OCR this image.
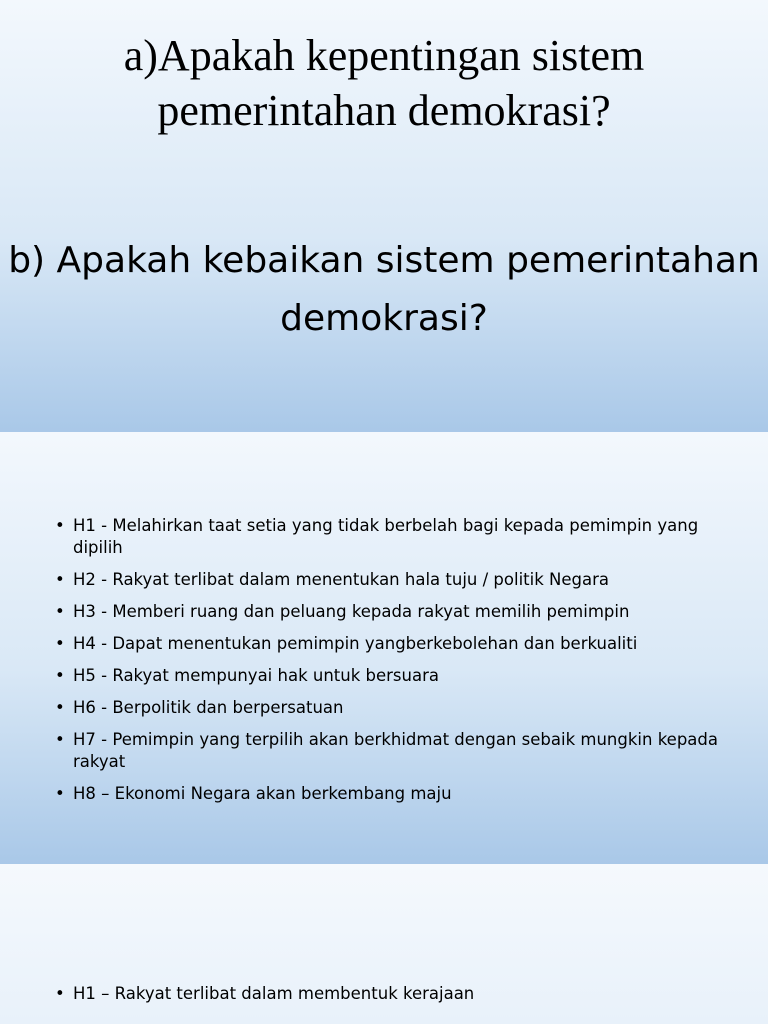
a)Apakah kepentingan sistem pemerintahan demokrasi?
b) Apakah kebaikan sistem pemerintahan demokrasi?
• H1 - Melahirkan taat setia yang tidak berbelah bagi kepada pemimpin yang dipilih
• H2 - Rakyat terlibat dalam menentukan hala tuju / politik Negara
• H3 - Memberi ruang dan peluang kepada rakyat memilih pemimpin
• H4 - Dapat menentukan pemimpin yangberkebolehan dan berkualiti
• H5 - Rakyat mempunyai hak untuk bersuara
• H6 - Berpolitik dan berpersatuan
• H7 - Pemimpin yang terpilih akan berkhidmat dengan sebaik mungkin kepada rakyat
• H8 – Ekonomi Negara akan berkembang maju
• H1 – Rakyat terlibat dalam membentuk kerajaan
